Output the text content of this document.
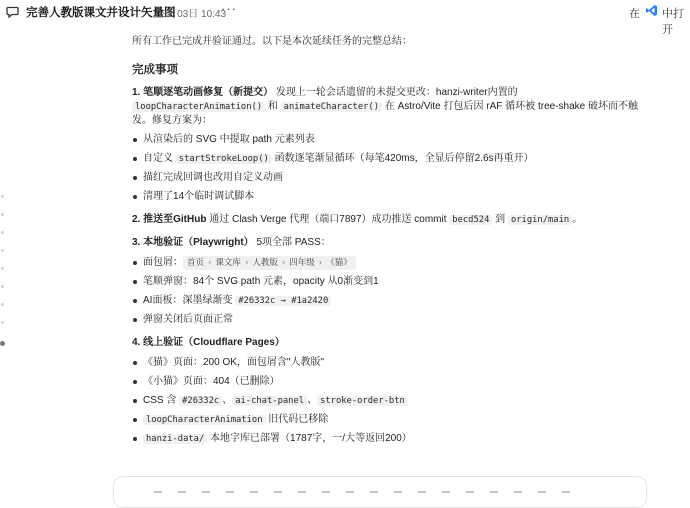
完善人教版课文并设计矢量图
08月03日 10:43
···	在 中打开

所有工作已完成并验证通过。以下是本次延续任务的完整总结：

完成事项
1. 笔顺逐笔动画修复（新提交） 发现上一轮会话遗留的未提交更改：hanzi-writer内置的 loopCharacterAnimation() 和 animateCharacter() 在 Astro/Vite 打包后因 rAF 循环被 tree-shake 破坏而不触发。修复方案为：
从渲染后的 SVG 中提取 path 元素列表
自定义 startStrokeLoop() 函数逐笔渐显循环（每笔420ms，全显后停留2.6s再重开）
描红完成回调也改用自定义动画
清理了14个临时调试脚本
2. 推送至GitHub 通过 Clash Verge 代理（端口7897）成功推送 commit becd524 到 origin/main 。
3. 本地验证（Playwright） 5项全部 PASS：
面包屑： 首页 › 课文库 › 人教版 › 四年级 › 《猫》
笔顺弹窗：84个 SVG path 元素，opacity 从0渐变到1
AI面板：深墨绿渐变 #26332c → #1a2420
弹窗关闭后页面正常
4. 线上验证（Cloudflare Pages）
《猫》页面：200 OK，面包屑含"人教版"
《小猫》页面：404（已删除）
CSS 含 #26332c 、 ai-chat-panel 、 stroke-order-btn
loopCharacterAnimation 旧代码已移除
hanzi-data/ 本地字库已部署（1787字，一/大等返回200）
